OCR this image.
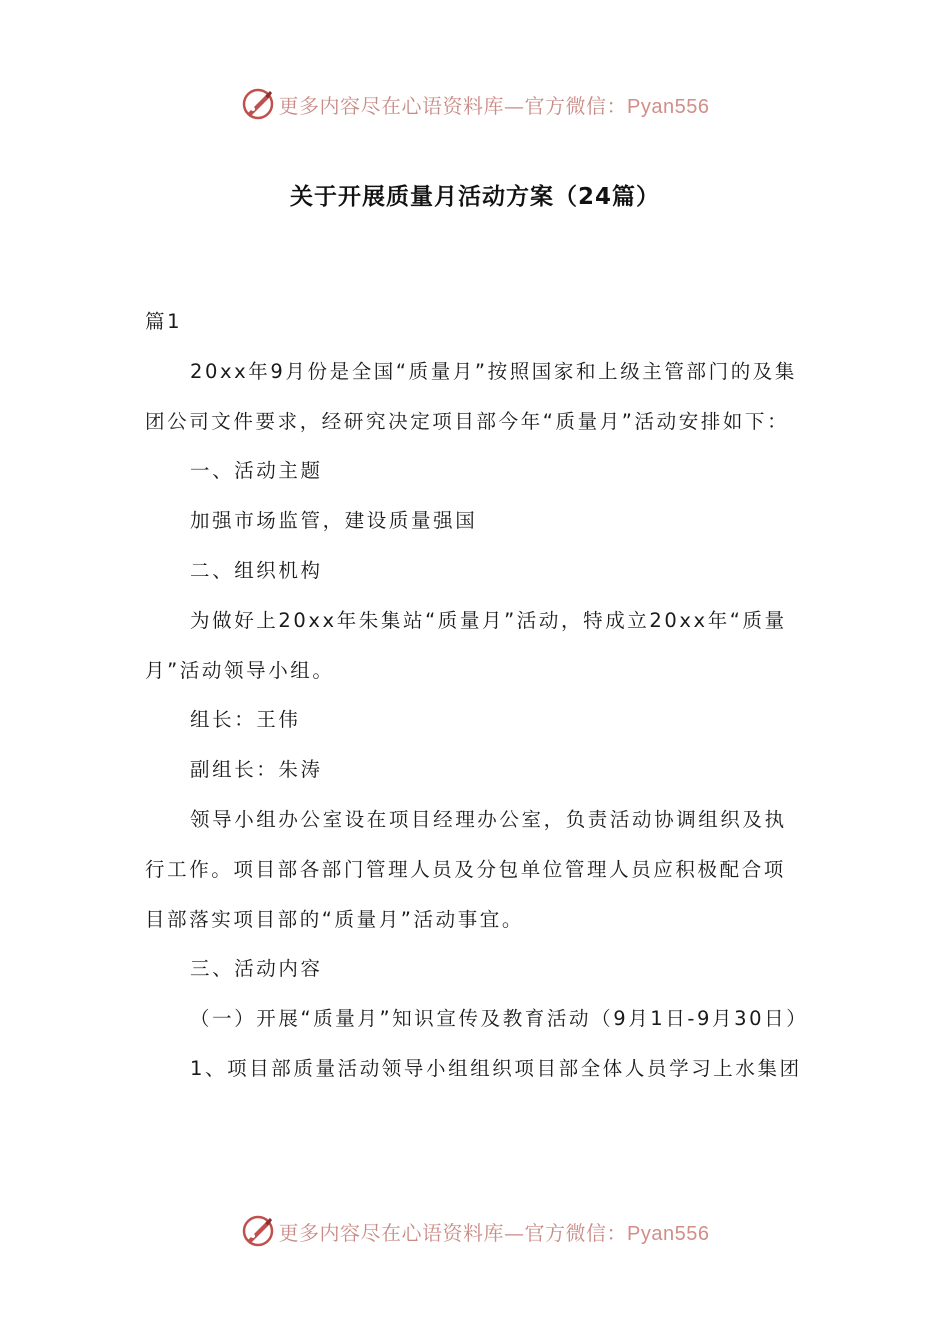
更多内容尽在心语资料库—官方微信：Pyan556
关于开展质量月活动方案（24篇）

篇1

20xx年9月份是全国“质量月”按照国家和上级主管部门的及集团公司文件要求，经研究决定项目部今年“质量月”活动安排如下：

一、活动主题

加强市场监管，建设质量强国

二、组织机构

为做好上20xx年朱集站“质量月”活动，特成立20xx年“质量月”活动领导小组。

组长：王伟

副组长：朱涛

领导小组办公室设在项目经理办公室，负责活动协调组织及执行工作。项目部各部门管理人员及分包单位管理人员应积极配合项目部落实项目部的“质量月”活动事宜。

三、活动内容

（一）开展“质量月”知识宣传及教育活动（9月1日-9月30日）

1、项目部质量活动领导小组组织项目部全体人员学习上水集团

更多内容尽在心语资料库—官方微信：Pyan556
